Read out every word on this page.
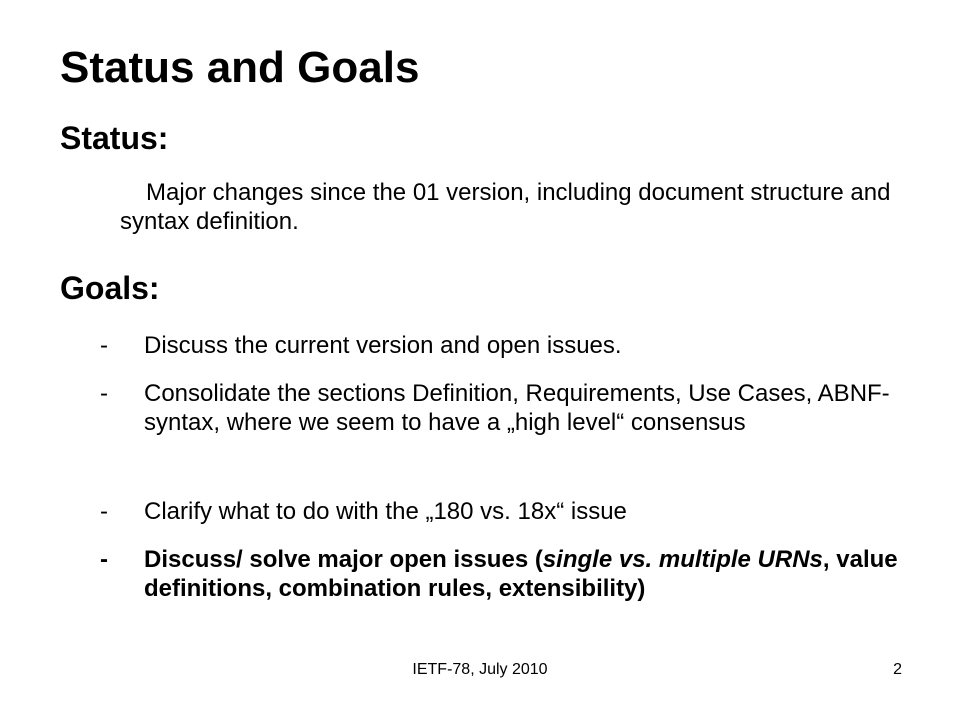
Status and Goals
Status:
Major changes since the 01 version, including document structure and syntax definition.
Goals:
-	Discuss the current version and open issues.
-	Consolidate the sections Definition, Requirements, Use Cases, ABNF-syntax, where we seem to have a „high level“ consensus
-	Clarify what to do with the „180 vs. 18x“ issue
-	Discuss/ solve major open issues (single vs. multiple URNs, value definitions, combination rules, extensibility)
IETF-78, July 2010	2
